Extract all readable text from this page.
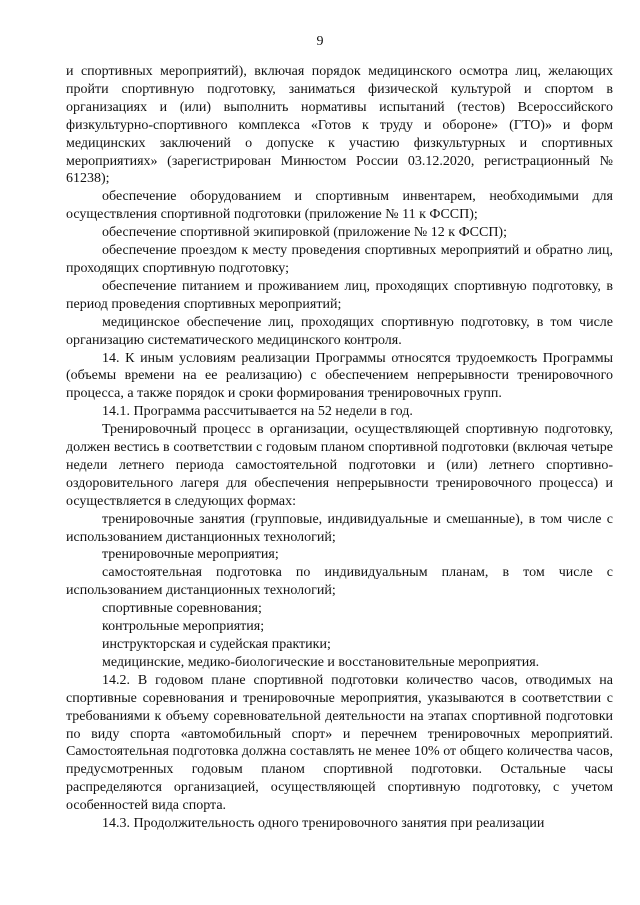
9

и спортивных мероприятий), включая порядок медицинского осмотра лиц, желающих пройти спортивную подготовку, заниматься физической культурой и спортом в организациях и (или) выполнить нормативы испытаний (тестов) Всероссийского физкультурно-спортивного комплекса «Готов к труду и обороне» (ГТО)» и форм медицинских заключений о допуске к участию физкультурных и спортивных мероприятиях» (зарегистрирован Минюстом России 03.12.2020, регистрационный № 61238);

обеспечение оборудованием и спортивным инвентарем, необходимыми для осуществления спортивной подготовки (приложение № 11 к ФССП);

обеспечение спортивной экипировкой (приложение № 12 к ФССП);

обеспечение проездом к месту проведения спортивных мероприятий и обратно лиц, проходящих спортивную подготовку;

обеспечение питанием и проживанием лиц, проходящих спортивную подготовку, в период проведения спортивных мероприятий;

медицинское обеспечение лиц, проходящих спортивную подготовку, в том числе организацию систематического медицинского контроля.

14. К иным условиям реализации Программы относятся трудоемкость Программы (объемы времени на ее реализацию) с обеспечением непрерывности тренировочного процесса, а также порядок и сроки формирования тренировочных групп.

14.1. Программа рассчитывается на 52 недели в год.

Тренировочный процесс в организации, осуществляющей спортивную подготовку, должен вестись в соответствии с годовым планом спортивной подготовки (включая четыре недели летнего периода самостоятельной подготовки и (или) летнего спортивно-оздоровительного лагеря для обеспечения непрерывности тренировочного процесса) и осуществляется в следующих формах:

тренировочные занятия (групповые, индивидуальные и смешанные), в том числе с использованием дистанционных технологий;

тренировочные мероприятия;

самостоятельная подготовка по индивидуальным планам, в том числе с использованием дистанционных технологий;

спортивные соревнования;

контрольные мероприятия;

инструкторская и судейская практики;

медицинские, медико-биологические и восстановительные мероприятия.

14.2. В годовом плане спортивной подготовки количество часов, отводимых на спортивные соревнования и тренировочные мероприятия, указываются в соответствии с требованиями к объему соревновательной деятельности на этапах спортивной подготовки по виду спорта «автомобильный спорт» и перечнем тренировочных мероприятий. Самостоятельная подготовка должна составлять не менее 10% от общего количества часов, предусмотренных годовым планом спортивной подготовки. Остальные часы распределяются организацией, осуществляющей спортивную подготовку, с учетом особенностей вида спорта.

14.3. Продолжительность одного тренировочного занятия при реализации
